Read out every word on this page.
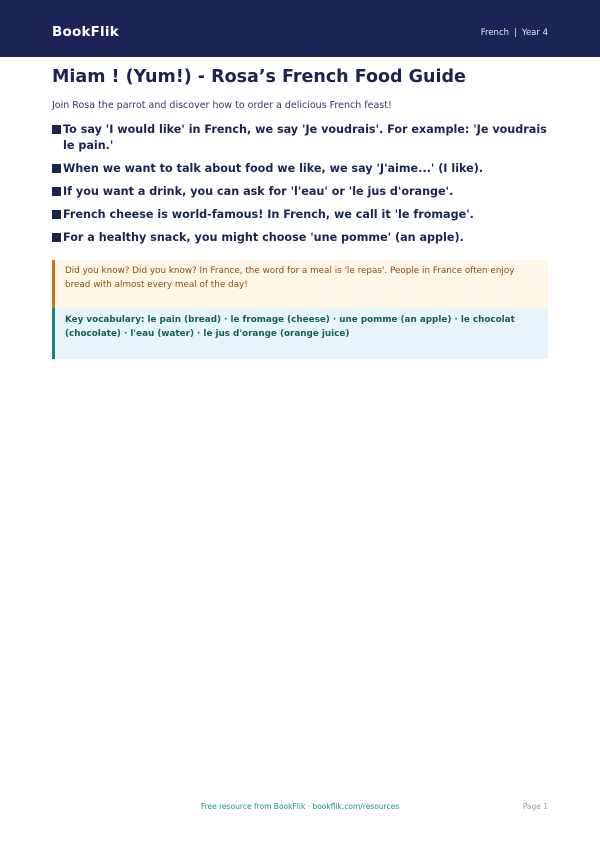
BookFlik	French | Year 4
Miam ! (Yum!) - Rosa’s French Food Guide
Join Rosa the parrot and discover how to order a delicious French feast!
To say 'I would like' in French, we say 'Je voudrais'. For example: 'Je voudrais le pain.'
When we want to talk about food we like, we say 'J'aime...' (I like).
If you want a drink, you can ask for 'l'eau' or 'le jus d'orange'.
French cheese is world-famous! In French, we call it 'le fromage'.
For a healthy snack, you might choose 'une pomme' (an apple).
Did you know? Did you know? In France, the word for a meal is 'le repas'. People in France often enjoy bread with almost every meal of the day!
Key vocabulary: le pain (bread) · le fromage (cheese) · une pomme (an apple) · le chocolat (chocolate) · l'eau (water) · le jus d'orange (orange juice)
Free resource from BookFlik · bookflik.com/resources	Page 1
